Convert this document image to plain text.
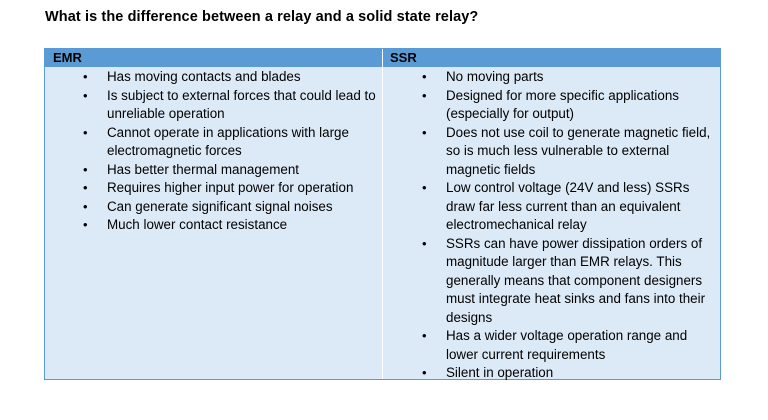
What is the difference between a relay and a solid state relay?
EMR
• Has moving contacts and blades
• Is subject to external forces that could lead to unreliable operation
• Cannot operate in applications with large electromagnetic forces
• Has better thermal management
• Requires higher input power for operation
• Can generate significant signal noises
• Much lower contact resistance
SSR
• No moving parts
• Designed for more specific applications (especially for output)
• Does not use coil to generate magnetic field, so is much less vulnerable to external magnetic fields
• Low control voltage (24V and less) SSRs draw far less current than an equivalent electromechanical relay
• SSRs can have power dissipation orders of magnitude larger than EMR relays. This generally means that component designers must integrate heat sinks and fans into their designs
• Has a wider voltage operation range and lower current requirements
• Silent in operation
